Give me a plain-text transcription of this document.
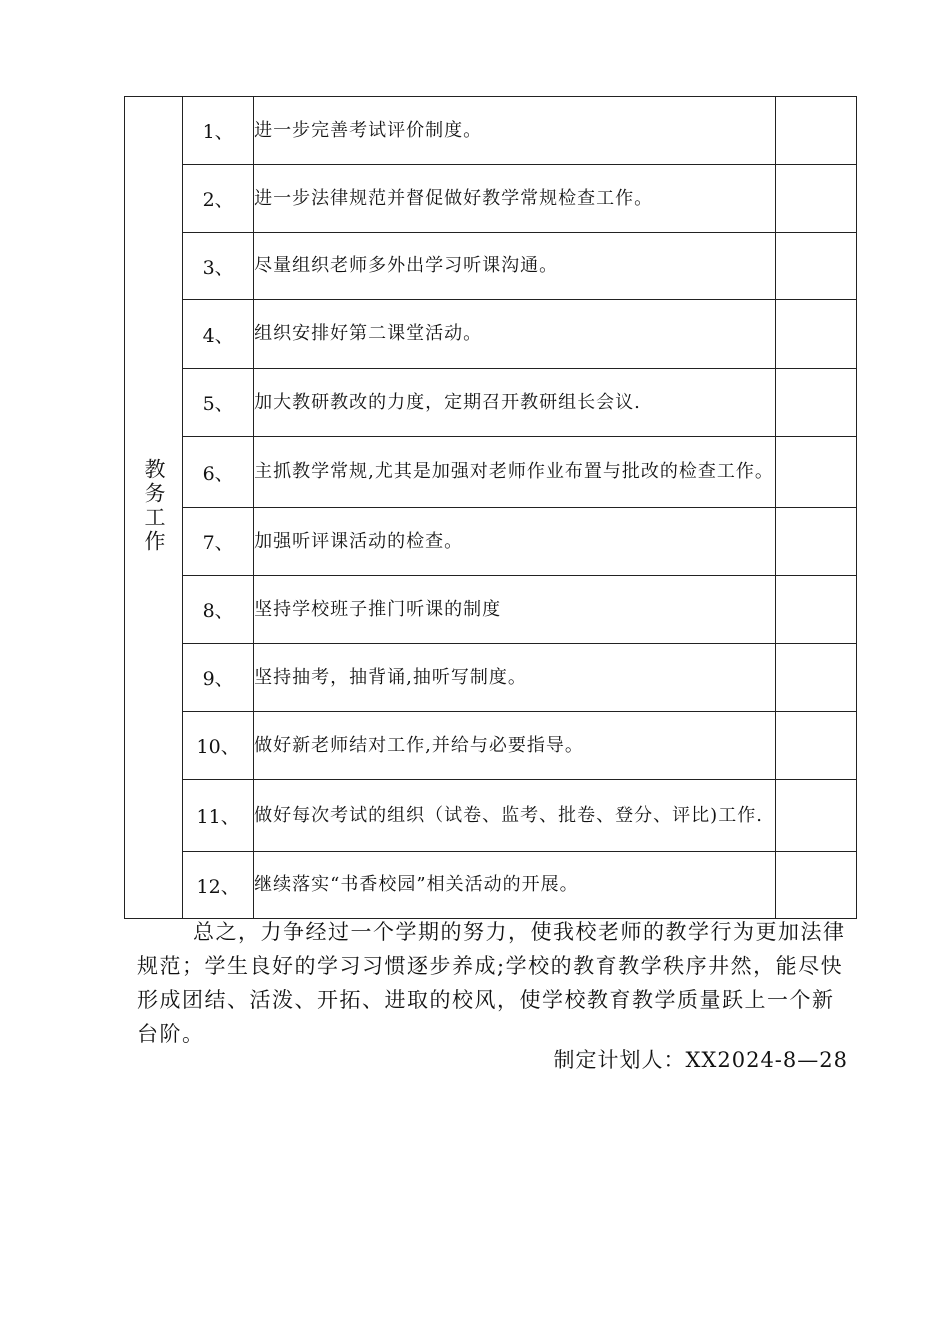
教务工作	1、	进一步完善考试评价制度。	
	2、	进一步法律规范并督促做好教学常规检查工作。	
	3、	尽量组织老师多外出学习听课沟通。	
	4、	组织安排好第二课堂活动。	
	5、	加大教研教改的力度，定期召开教研组长会议.	
	6、	主抓教学常规,尤其是加强对老师作业布置与批改的检查工作。	
	7、	加强听评课活动的检查。	
	8、	坚持学校班子推门听课的制度	
	9、	坚持抽考，抽背诵,抽听写制度。	
	10、	做好新老师结对工作,并给与必要指导。	
	11、	做好每次考试的组织（试卷、监考、批卷、登分、评比)工作.	
	12、	继续落实“书香校园”相关活动的开展。	

总之，力争经过一个学期的努力，使我校老师的教学行为更加法律规范；学生良好的学习习惯逐步养成;学校的教育教学秩序井然，能尽快形成团结、活泼、开拓、进取的校风，使学校教育教学质量跃上一个新台阶。

制定计划人：XX2024-8—28
